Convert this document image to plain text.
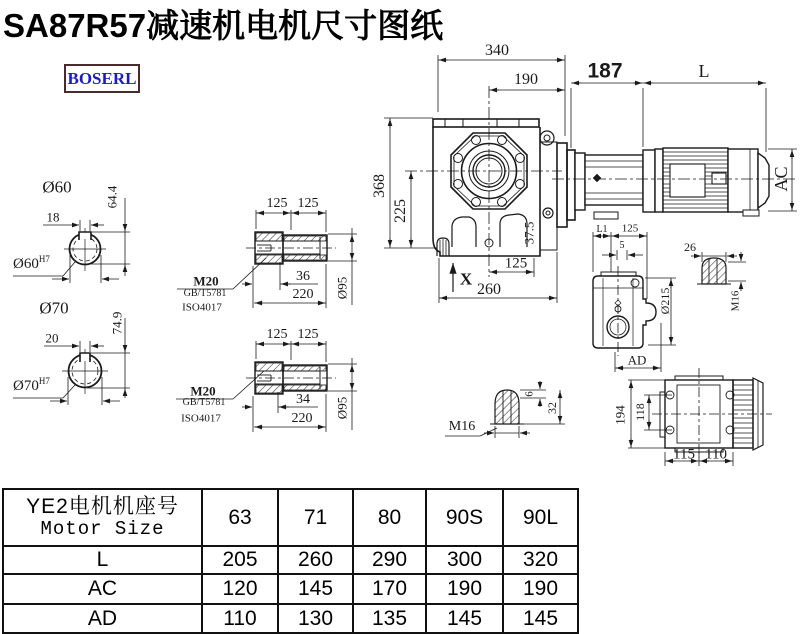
SA87R57减速机电机尺寸图纸
BOSERL
340
190
368
225
37.5
X
125
260
187	L
AC
L1 125
5
Ø215
AD
26
M16
M16
6
32	194 118
115 110
Ø60
18
64.4
$Ø60^{H7}$
Ø70
20
74.9
$Ø70^{H7}$
125 125
36
220 Ø95
M20
GB/T5781
ISO4017
125 125
34
220 Ø95
M20
GB/T5781
ISO4017
YE2电机机座号
Motor Size	63	71	80	90S	90L
L	205	260	290	300	320
AC	120	145	170	190	190
AD	110	130	135	145	145
